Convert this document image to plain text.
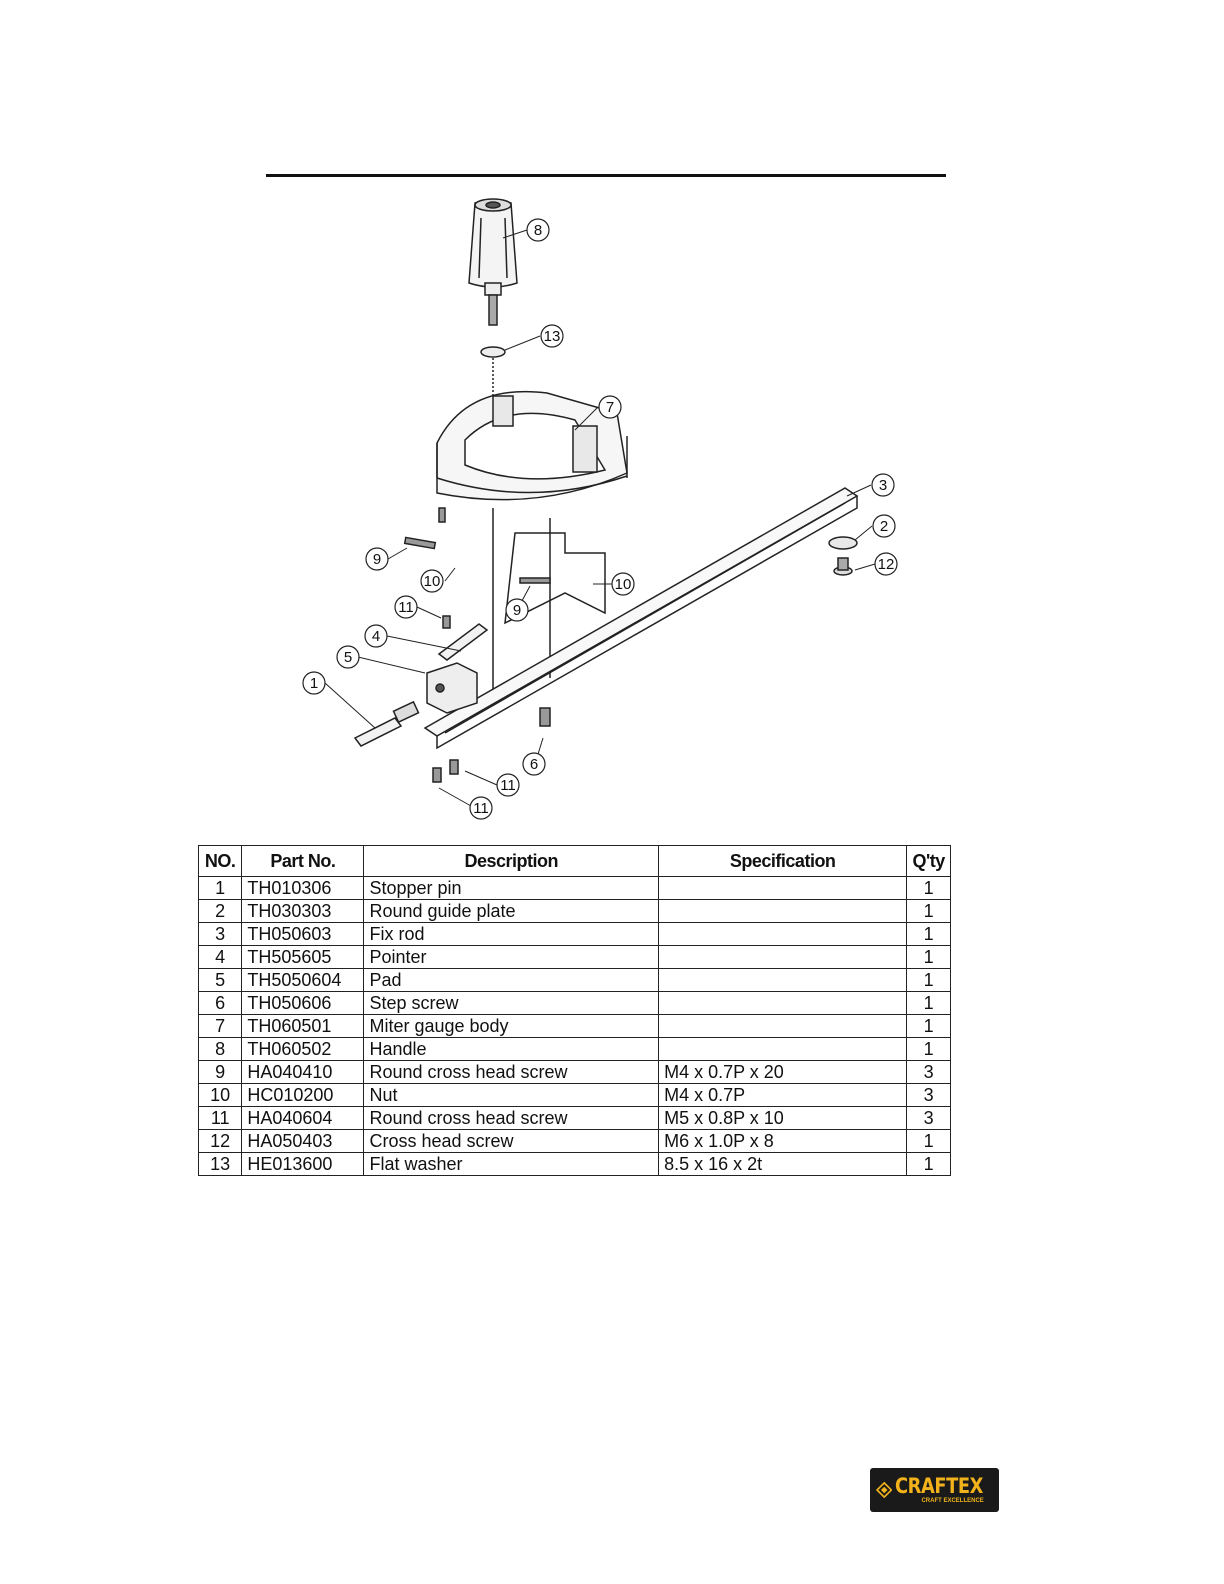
8
13
7
3
2
12
9
10	10
9
11
4
5
1
6
11
11
NO.	Part No.	Description	Specification	Q'ty
1	TH010306	Stopper pin		1
2	TH030303	Round guide plate		1
3	TH050603	Fix rod		1
4	TH505605	Pointer		1
5	TH5050604	Pad		1
6	TH050606	Step screw		1
7	TH060501	Miter gauge body		1
8	TH060502	Handle		1
9	HA040410	Round cross head screw	M4 x 0.7P x 20	3
10	HC010200	Nut	M4 x 0.7P	3
11	HA040604	Round cross head screw	M5 x 0.8P x 10	3
12	HA050403	Cross head screw	M6 x 1.0P x 8	1
13	HE013600	Flat washer	8.5 x 16 x 2t	1
CRAFTEX
CRAFT EXCELLENCE
